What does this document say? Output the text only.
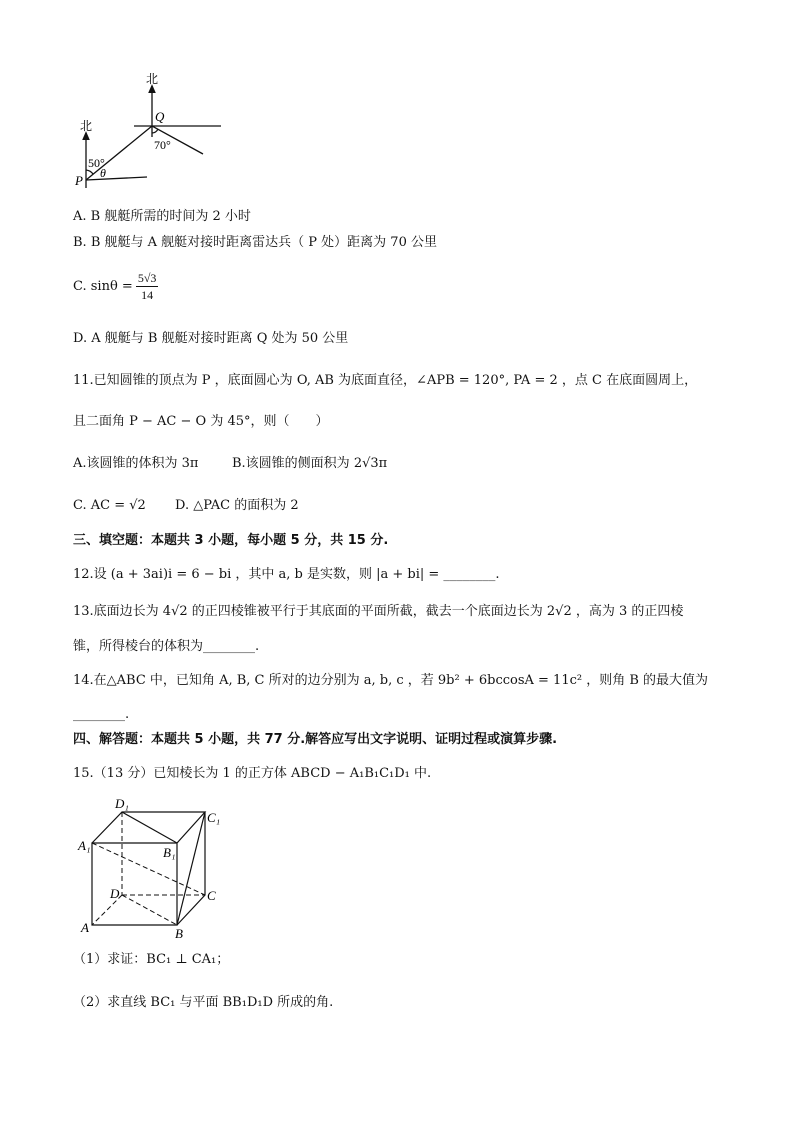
北
北
P
Q
50°
θ
70°
A. B 舰艇所需的时间为 2 小时
B. B 舰艇与 A 舰艇对接时距离雷达兵（ P 处）距离为 70 公里
C. $\sin\theta = \frac{5√3}{14}$
D. A 舰艇与 B 舰艇对接时距离 Q 处为 50 公里
11.已知圆锥的顶点为 P ，底面圆心为 O, AB 为底面直径，∠APB = 120°, PA = 2 ，点 C 在底面圆周上，
且二面角 P − AC − O 为 45°，则（　　）
A.该圆锥的体积为 3π	B.该圆锥的侧面积为 2√3π
C. AC = √2 D. △PAC 的面积为 2
三、填空题：本题共 3 小题，每小题 5 分，共 15 分.
12.设 (a + 3ai)i = 6 − bi ，其中 a, b 是实数，则 |a + bi| = ________.
13.底面边长为 4√2 的正四棱锥被平行于其底面的平面所截，截去一个底面边长为 2√2 ，高为 3 的正四棱
锥，所得棱台的体积为________.
14.在△ABC 中，已知角 A, B, C 所对的边分别为 a, b, c ，若 9b² + 6bccosA = 11c² ，则角 B 的最大值为
________.
四、解答题：本题共 5 小题，共 77 分.解答应写出文字说明、证明过程或演算步骤.
15.（13 分）已知棱长为 1 的正方体 ABCD − A₁B₁C₁D₁ 中.
D₁
C₁
A₁	B₁
D	C
A	B
（1）求证：BC₁ ⊥ CA₁；
（2）求直线 BC₁ 与平面 BB₁D₁D 所成的角.
